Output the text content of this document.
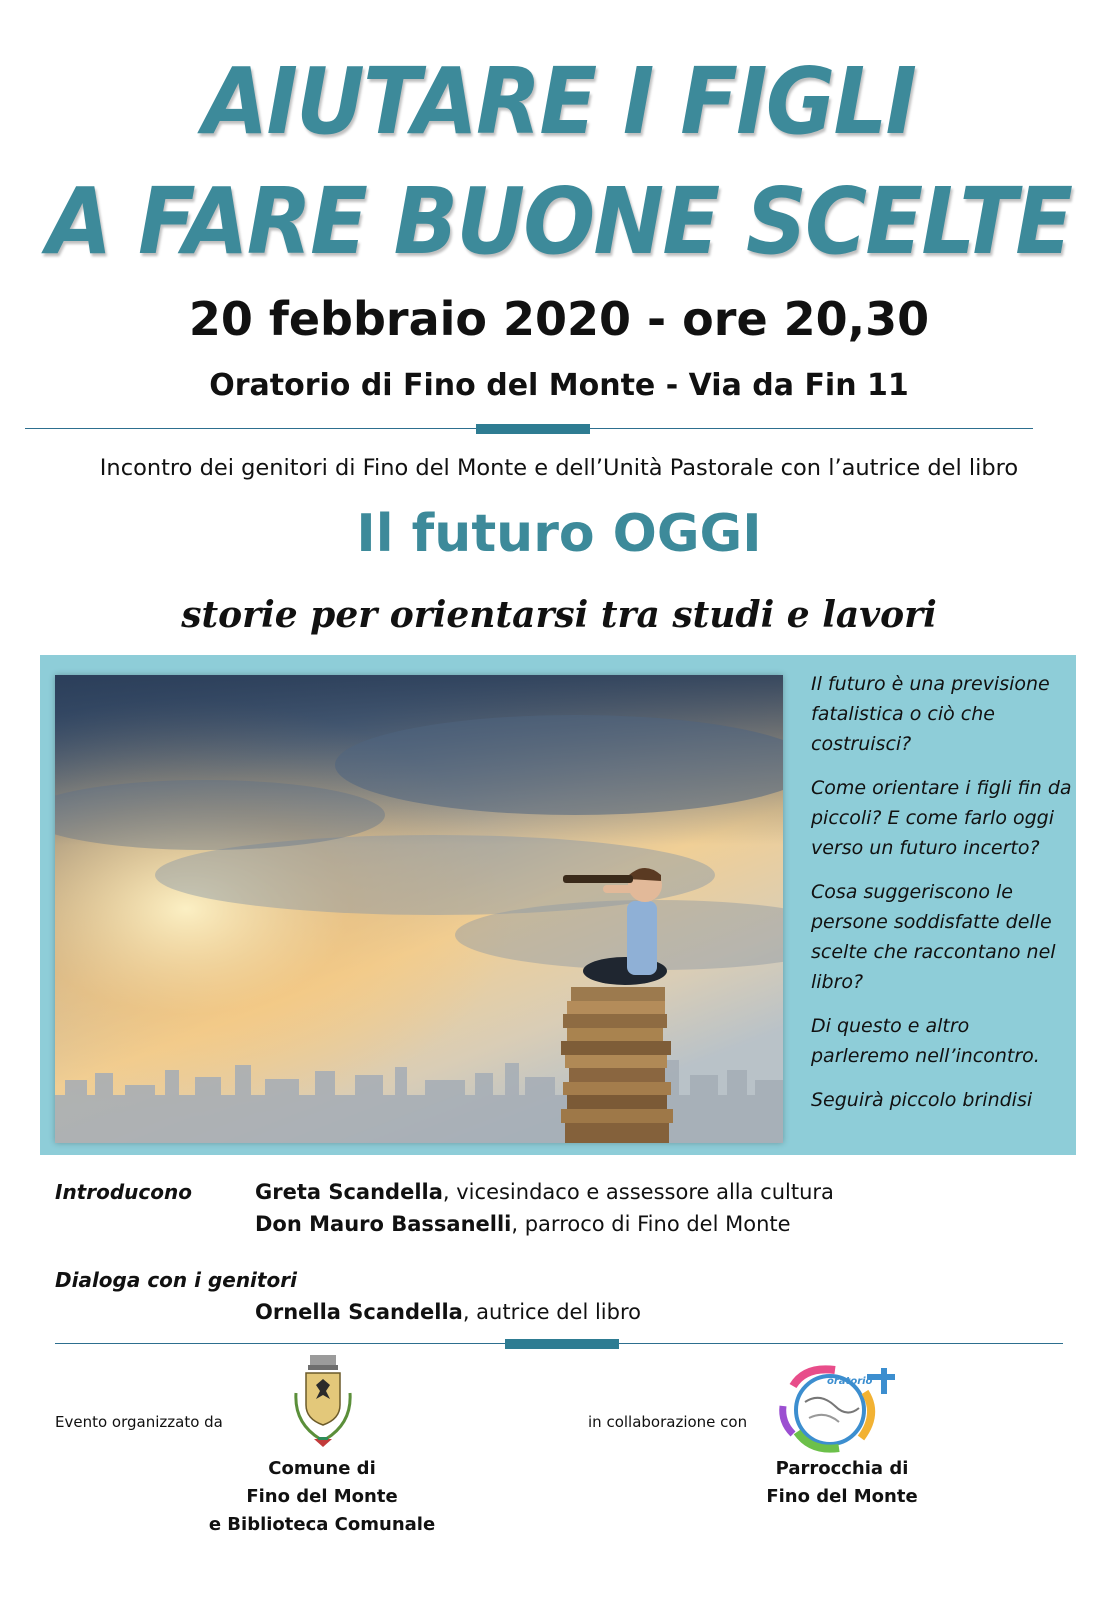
AIUTARE I FIGLI
A FARE BUONE SCELTE
20 febbraio 2020 - ore 20,30
Oratorio di Fino del Monte - Via da Fin 11
Incontro dei genitori di Fino del Monte e dell’Unità Pastorale con l’autrice del libro
Il futuro OGGI
storie per orientarsi tra studi e lavori

Il futuro è una previsione fatalistica o ciò che costruisci?

Come orientare i figli fin da piccoli? E come farlo oggi verso un futuro incerto?

Cosa suggeriscono le persone soddisfatte delle scelte che raccontano nel libro?

Di questo e altro parleremo nell’incontro.

Seguirà piccolo brindisi

Introducono	Greta Scandella, vicesindaco e assessore alla cultura
Don Mauro Bassanelli, parroco di Fino del Monte
Dialoga con i genitori
Ornella Scandella, autrice del libro
Evento organizzato da
Comune di
Fino del Monte
e Biblioteca Comunale
in collaborazione con
oratorio
Parrocchia di
Fino del Monte
